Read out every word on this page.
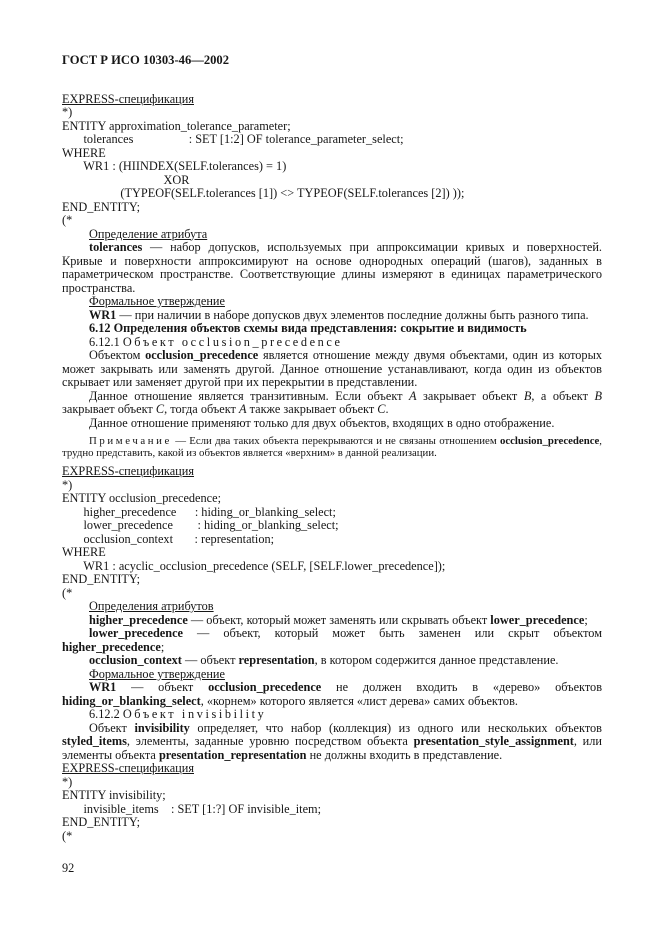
ГОСТ Р ИСО 10303-46—2002
EXPRESS-спецификация
*)
ENTITY approximation_tolerance_parameter;
tolerances                  : SET [1:2] OF tolerance_parameter_select;
WHERE
WR1 : (HIINDEX(SELF.tolerances) = 1)
XOR
(TYPEOF(SELF.tolerances [1]) <> TYPEOF(SELF.tolerances [2]) ));
END_ENTITY;
(*
Определение атрибута

tolerances — набор допусков, используемых при аппроксимации кривых и поверхностей. Кривые и поверхности аппроксимируют на основе однородных операций (шагов), заданных в параметрическом пространстве. Соответствующие длины измеряют в единицах параметрического пространства.

Формальное утверждение

WR1 — при наличии в наборе допусков двух элементов последние должны быть разного типа.

6.12 Определения объектов схемы вида представления: сокрытие и видимость

6.12.1 Объект occlusion_precedence

Объектом occlusion_precedence является отношение между двумя объектами, один из которых может закрывать или заменять другой. Данное отношение устанавливают, когда один из объектов скрывает или заменяет другой при их перекрытии в представлении.

Данное отношение является транзитивным. Если объект A закрывает объект B, а объект B закрывает объект C, тогда объект A также закрывает объект C.

Данное отношение применяют только для двух объектов, входящих в одно отображение.

Примечание — Если два таких объекта перекрываются и не связаны отношением occlusion_precedence, трудно представить, какой из объектов является «верхним» в данной реализации.

EXPRESS-спецификация
*)
ENTITY occlusion_precedence;
higher_precedence      : hiding_or_blanking_select;
lower_precedence        : hiding_or_blanking_select;
occlusion_context       : representation;
WHERE
WR1 : acyclic_occlusion_precedence (SELF, [SELF.lower_precedence]);
END_ENTITY;
(*
Определения атрибутов

higher_precedence — объект, который может заменять или скрывать объект lower_precedence;

lower_precedence — объект, который может быть заменен или скрыт объектом higher_precedence;

occlusion_context — объект representation, в котором содержится данное представление.

Формальное утверждение

WR1 — объект occlusion_precedence не должен входить в «дерево» объектов hiding_or_blanking_select, «корнем» которого является «лист дерева» самих объектов.

6.12.2 Объект invisibility

Объект invisibility определяет, что набор (коллекция) из одного или нескольких объектов styled_items, элементы, заданные уровню посредством объекта presentation_style_assignment, или элементы объекта presentation_representation не должны входить в представление.

EXPRESS-спецификация
*)
ENTITY invisibility;
invisible_items    : SET [1:?] OF invisible_item;
END_ENTITY;
(*
92
